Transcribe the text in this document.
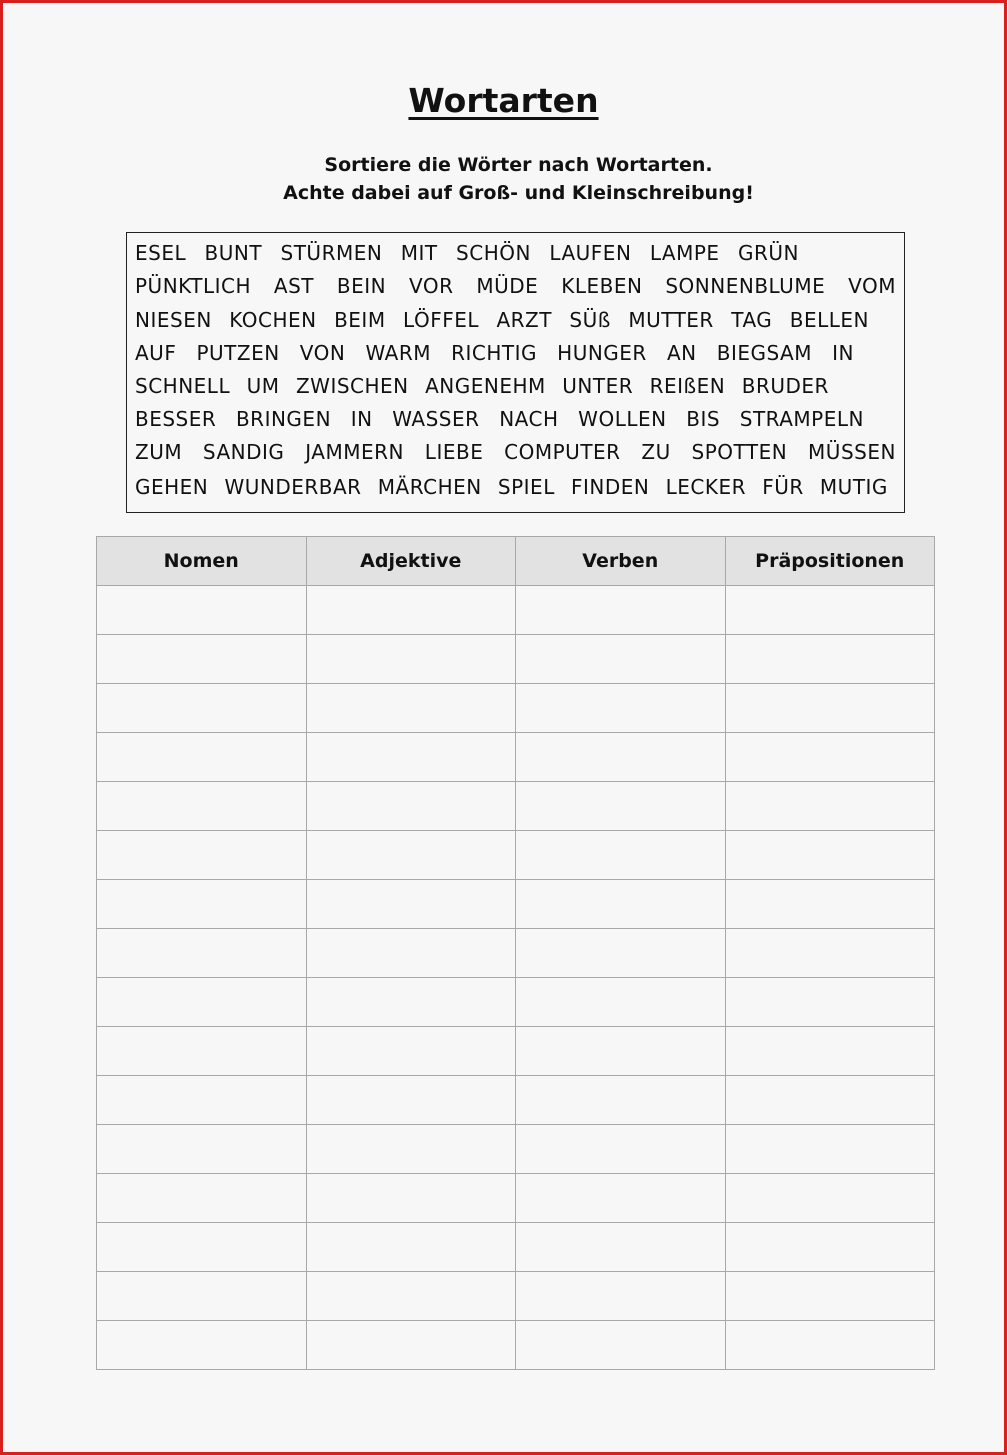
Wortarten
Sortiere die Wörter nach Wortarten.
Achte dabei auf Groß- und Kleinschreibung!
ESEL BUNT STÜRMEN MIT SCHÖN LAUFEN LAMPE GRÜN
PÜNKTLICH AST BEIN VOR MÜDE KLEBEN SONNENBLUME VOM
NIESEN KOCHEN BEIM LÖFFEL ARZT SÜß MUTTER TAG BELLEN
AUF PUTZEN VON WARM RICHTIG HUNGER AN BIEGSAM IN
SCHNELL UM ZWISCHEN ANGENEHM UNTER REIßEN BRUDER
BESSER BRINGEN IN WASSER NACH WOLLEN BIS STRAMPELN
ZUM SANDIG JAMMERN LIEBE COMPUTER ZU SPOTTEN MÜSSEN
GEHEN WUNDERBAR MÄRCHEN SPIEL FINDEN LECKER FÜR MUTIG
Nomen	Adjektive	Verben	Präpositionen
